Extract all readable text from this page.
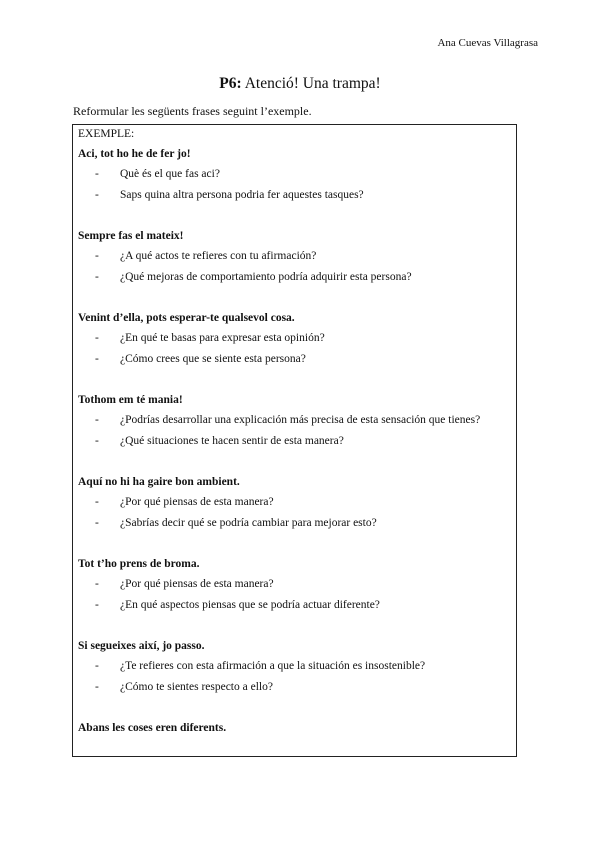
Ana Cuevas Villagrasa
P6: Atenció! Una trampa!
Reformular les següents frases seguint l’exemple.
EXEMPLE:
Aci, tot ho he de fer jo!
-	Què és el que fas aci?
-	Saps quina altra persona podria fer aquestes tasques?
Sempre fas el mateix!
-	¿A qué actos te refieres con tu afirmación?
-	¿Qué mejoras de comportamiento podría adquirir esta persona?
Venint d’ella, pots esperar-te qualsevol cosa.
-	¿En qué te basas para expresar esta opinión?
-	¿Cómo crees que se siente esta persona?
Tothom em té mania!
-	¿Podrías desarrollar una explicación más precisa de esta sensación que tienes?
-	¿Qué situaciones te hacen sentir de esta manera?
Aquí no hi ha gaire bon ambient.
-	¿Por qué piensas de esta manera?
-	¿Sabrías decir qué se podría cambiar para mejorar esto?
Tot t’ho prens de broma.
-	¿Por qué piensas de esta manera?
-	¿En qué aspectos piensas que se podría actuar diferente?
Si segueixes així, jo passo.
-	¿Te refieres con esta afirmación a que la situación es insostenible?
-	¿Cómo te sientes respecto a ello?
Abans les coses eren diferents.
